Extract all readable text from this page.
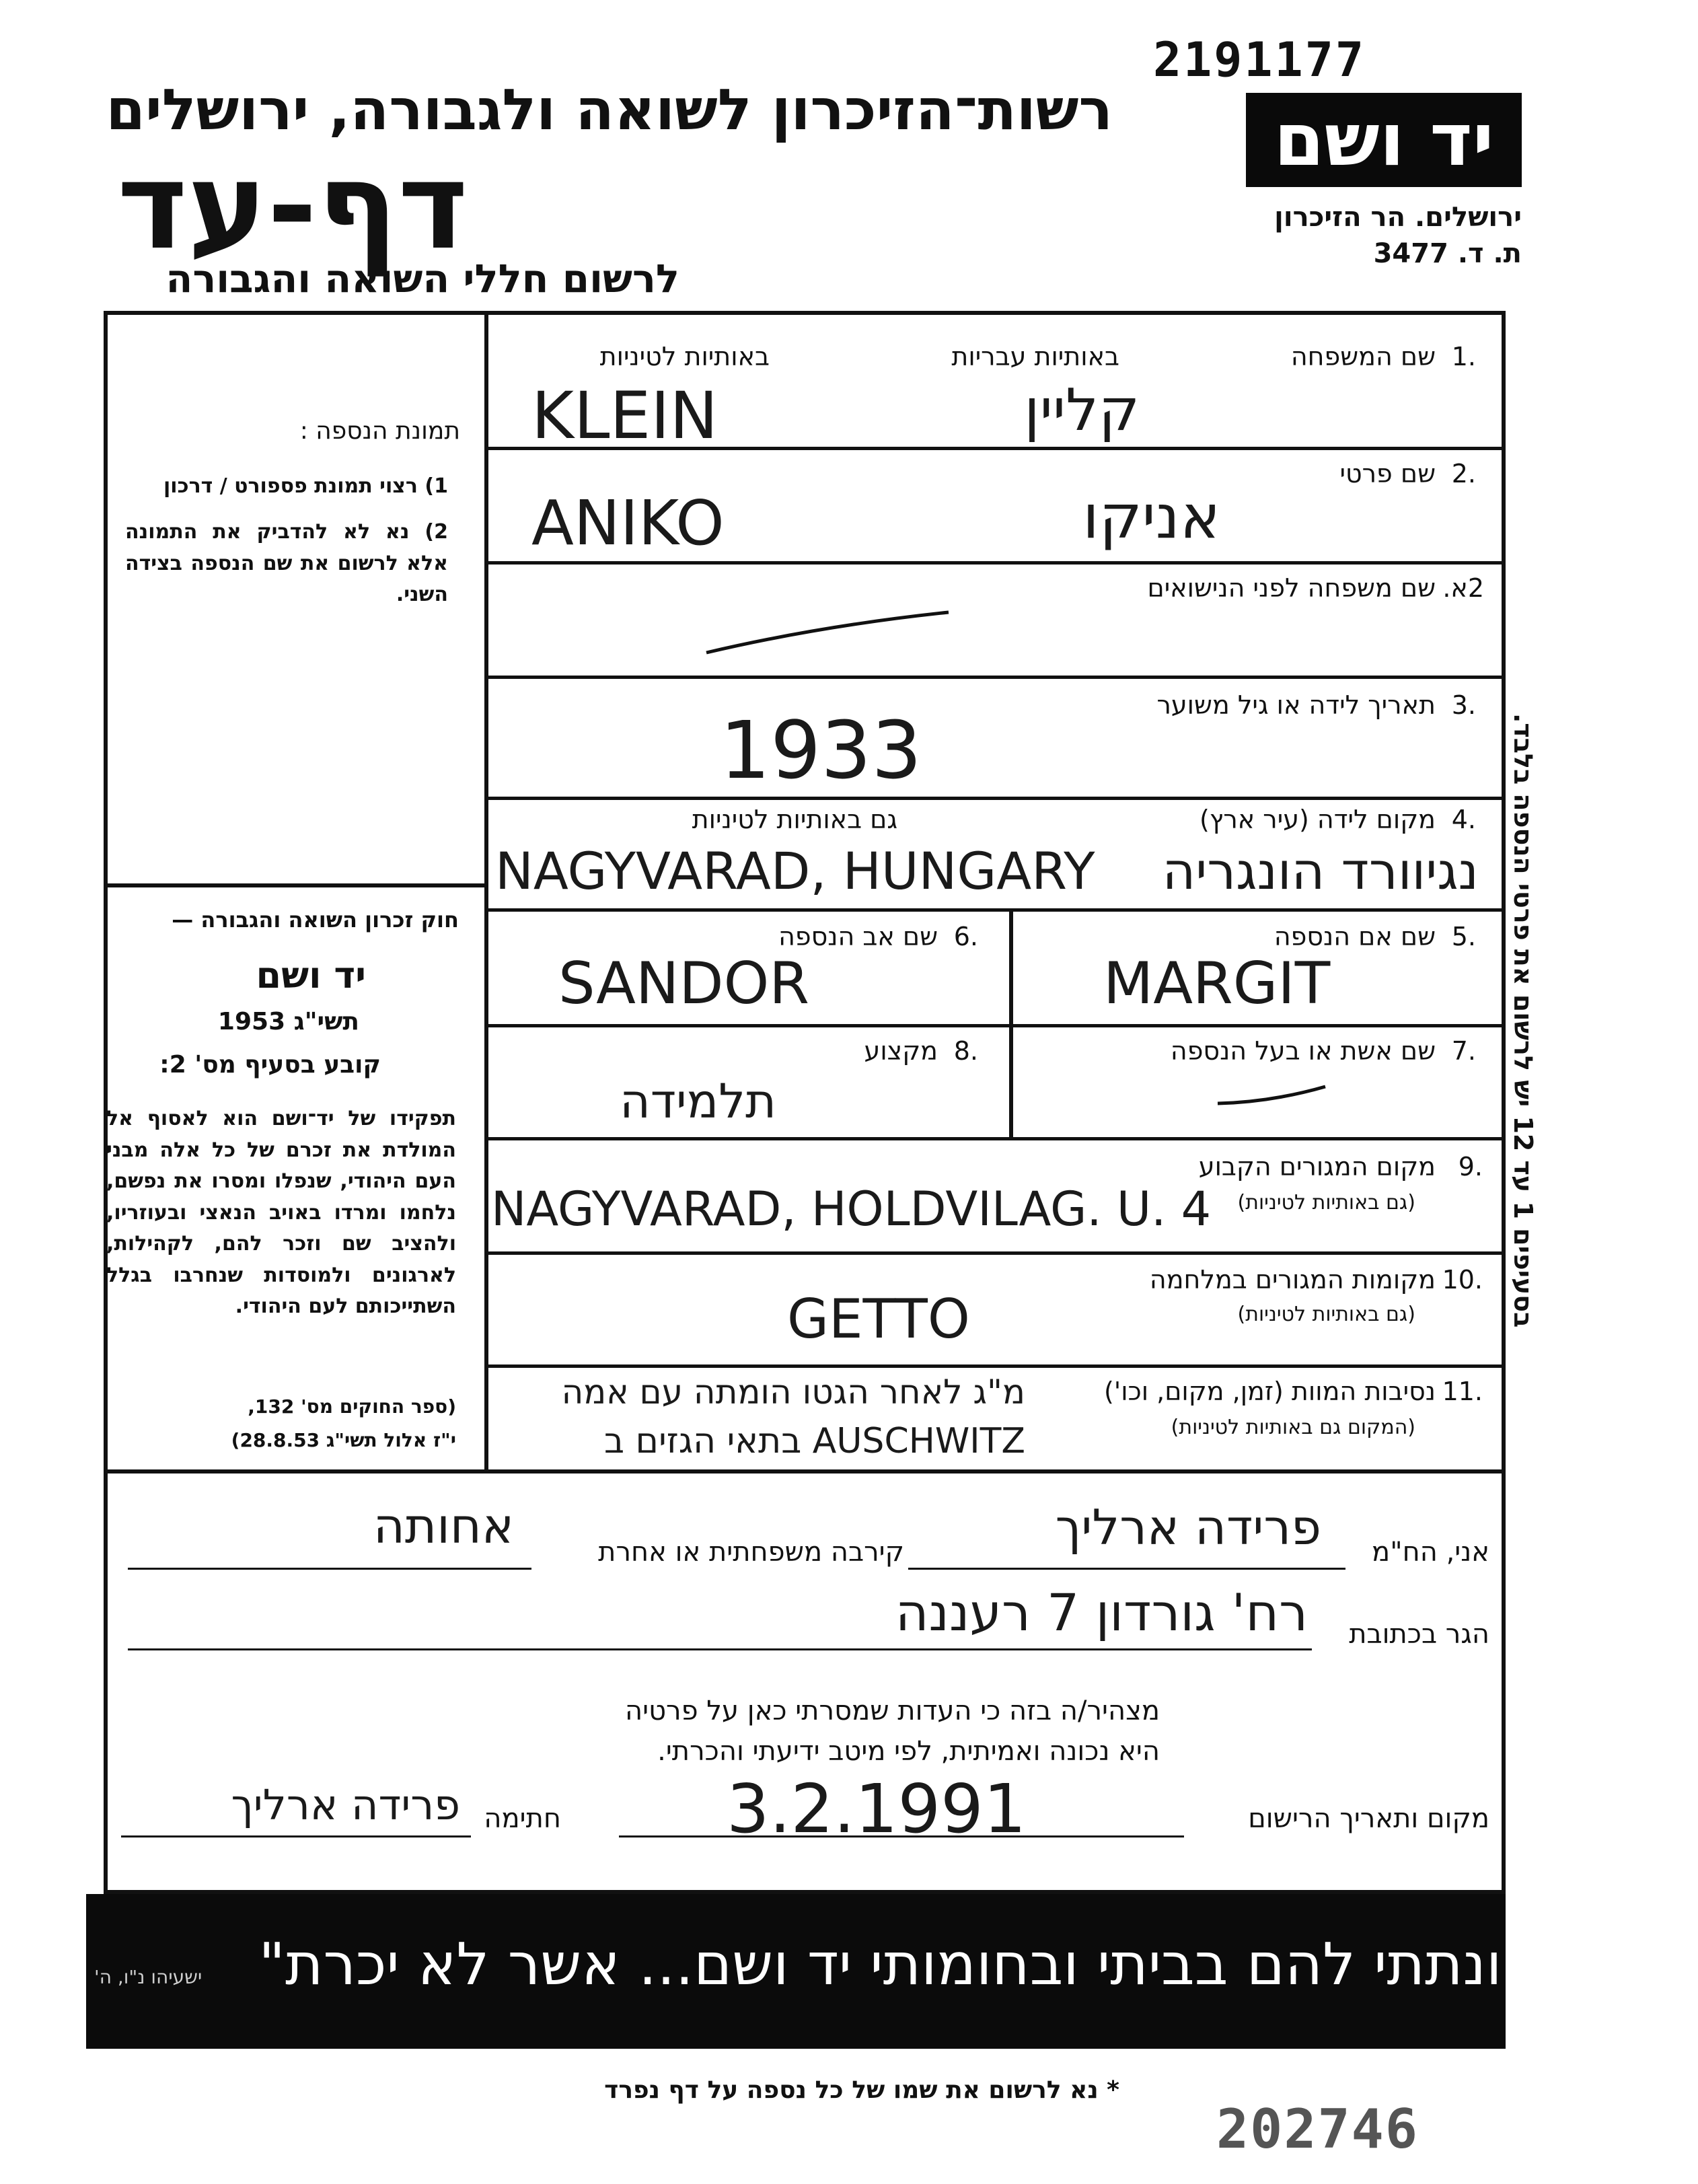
2191177
רשות־הזיכרון לשואה ולגבורה, ירושלים
דף-עד
לרשום חללי השואה והגבורה
יד ושם
ירושלים. הר הזיכרון
ת. ד. 3477
תמונת הנספה :
1) רצוי תמונת פספורט / דרכון
2) נא לא להדביק את התמונה אלא לרשום את שם הנספה בצידה השני.
חוק זכרון השואה והגבורה —
יד ושם
תשי"ג 1953
קובע בסעיף מס' 2:
תפקידו של יד־ושם הוא לאסוף אל המולדת את זכרם של כל אלה מבני העם היהודי, שנפלו ומסרו את נפשם, נלחמו ומרדו באויב הנאצי ובעוזריו, ולהציב שם וזכר להם, לקהילות, לארגונים ולמוסדות שנחרבו בגלל השתייכותם לעם היהודי.
(ספר החוקים מס' 132,
י"ז אלול תשי"ג 28.8.53)
1.
שם המשפחה
באותיות עבריות
באותיות לטיניות
KLEIN	קליין
2.
שם פרטי
ANIKO	אניקו
2א.
שם משפחה לפני הנישואים
3.
תאריך לידה או גיל משוער
1933
4.
מקום לידה (עיר ארץ)
גם באותיות לטיניות
NAGYVARAD, HUNGARY נגיוורד הונגריה
5.
שם אם הנספה
MARGIT
6.
שם אב הנספה
SANDOR
7.
שם אשת או בעל הנספה
8.
מקצוע
תלמידה
9.
מקום המגורים הקבוע
(גם באותיות לטיניות)
NAGYVARAD, HOLDVILAG. U. 4
10.
מקומות המגורים במלחמה
(גם באותיות לטיניות)
GETTO
11.
נסיבות המוות (זמן, מקום, וכו')
(המקום גם באותיות לטיניות)
מ"ג לאחר הגטו הומתה עם אמה
AUSCHWITZ בתאי הגזים ב
אני, הח"מ
פרידה ארליך
קירבה משפחתית או אחרת
אחותה
הגר בכתובת
רח' גורדון 7 רעננה
מצהיר/ה בזה כי העדות שמסרתי כאן על פרטיה
היא נכונה ואמיתית, לפי מיטב ידיעתי והכרתי.
מקום ותאריך הרישום
3.2.1991
חתימה
פרידה ארליך
"...ונתתי להם בביתי ובחומותי יד ושם... אשר לא יכרת"
ישעיהו נ"ו, ה'
* נא לרשום את שמו של כל נספה על דף נפרד
202746
בסעיפים 1 עד 12 יש לרשום את פרטי הנספה בלבד.
